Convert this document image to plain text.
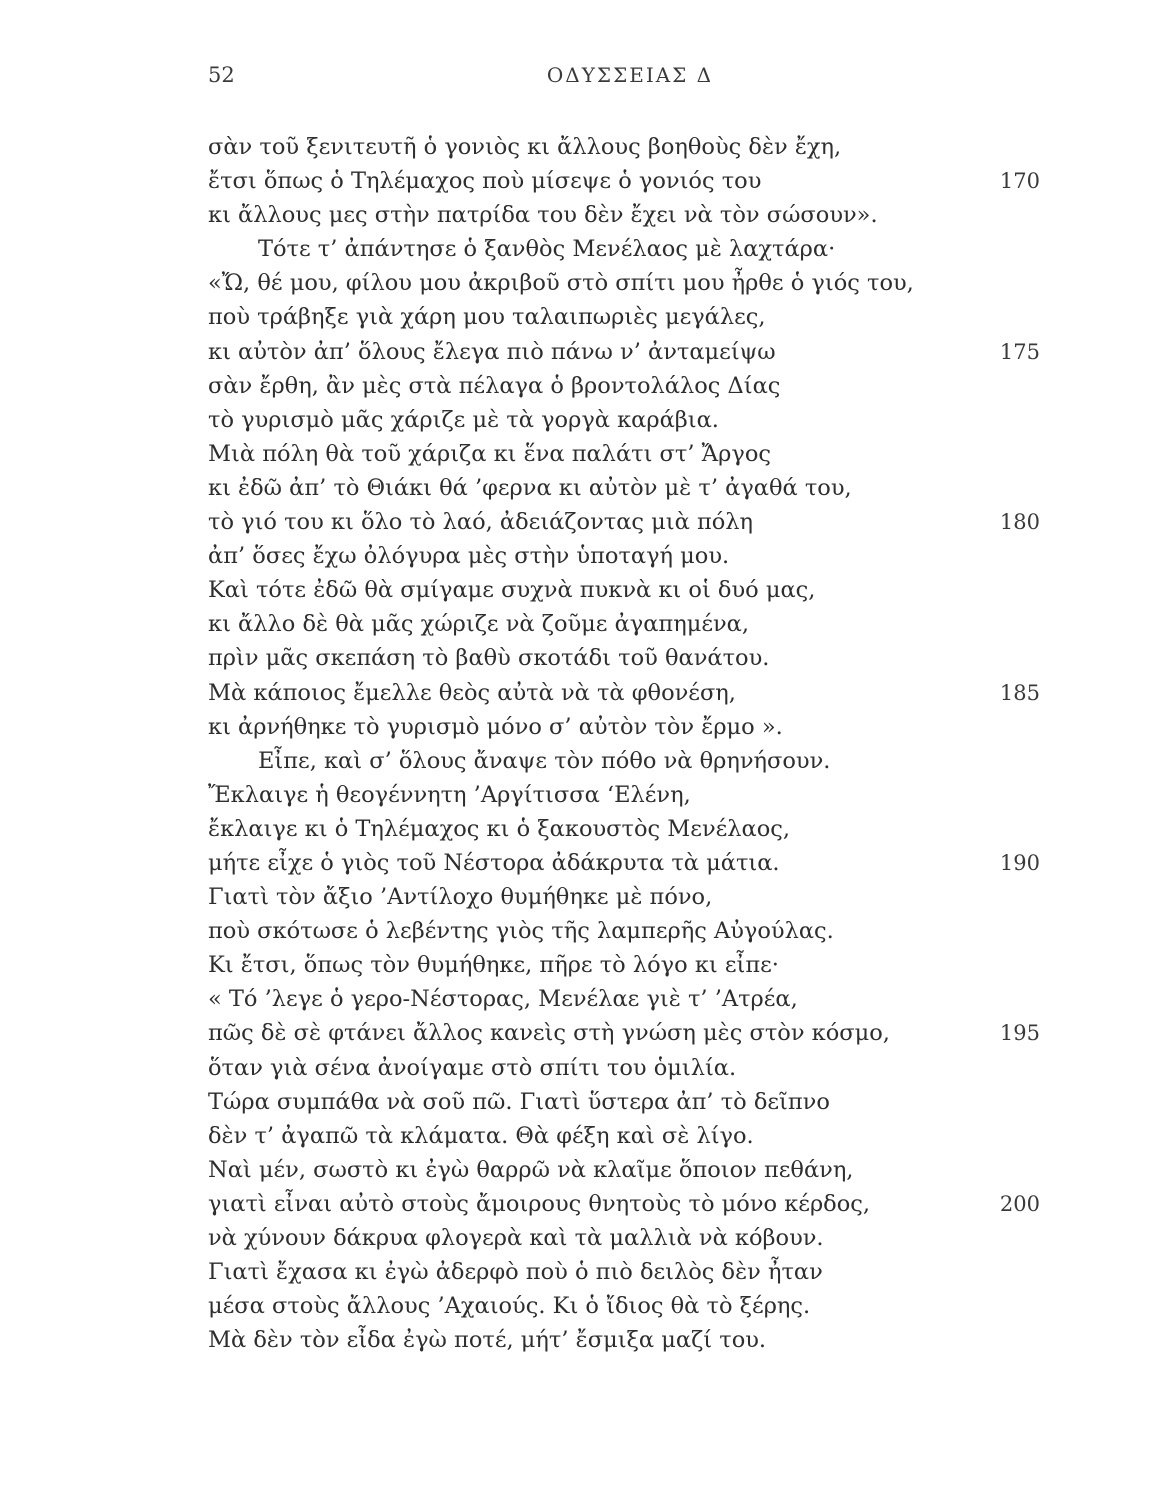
52	ΟΔΥΣΣΕΙΑΣ Δ
σὰν τοῦ ξενιτευτῆ ὁ γονιὸς κι ἄλλους βοηθοὺς δὲν ἔχη,
ἔτσι ὅπως ὁ Τηλέμαχος ποὺ μίσεψε ὁ γονιός του	170
κι ἄλλους μες στὴν πατρίδα του δὲν ἔχει νὰ τὸν σώσουν».
Τότε τ’ ἀπάντησε ὁ ξανθὸς Μενέλαος μὲ λαχτάρα·
«Ὤ, θέ μου, φίλου μου ἀκριβοῦ στὸ σπίτι μου ἦρθε ὁ γιός του,
ποὺ τράβηξε γιὰ χάρη μου ταλαιπωριὲς μεγάλες,
κι αὐτὸν ἀπ’ ὅλους ἔλεγα πιὸ πάνω ν’ ἀνταμείψω	175
σὰν ἔρθη, ἂν μὲς στὰ πέλαγα ὁ βροντολάλος Δίας
τὸ γυρισμὸ μᾶς χάριζε μὲ τὰ γοργὰ καράβια.
Μιὰ πόλη θὰ τοῦ χάριζα κι ἕνα παλάτι στ’ Ἄργος
κι ἐδῶ ἀπ’ τὸ Θιάκι θά ’φερνα κι αὐτὸν μὲ τ’ ἀγαθά του,
τὸ γιό του κι ὅλο τὸ λαό, ἀδειάζοντας μιὰ πόλη	180
ἀπ’ ὅσες ἔχω ὀλόγυρα μὲς στὴν ὑποταγή μου.
Καὶ τότε ἐδῶ θὰ σμίγαμε συχνὰ πυκνὰ κι οἱ δυό μας,
κι ἄλλο δὲ θὰ μᾶς χώριζε νὰ ζοῦμε ἀγαπημένα,
πρὶν μᾶς σκεπάση τὸ βαθὺ σκοτάδι τοῦ θανάτου.
Μὰ κάποιος ἔμελλε θεὸς αὐτὰ νὰ τὰ φθονέση,	185
κι ἀρνήθηκε τὸ γυρισμὸ μόνο σ’ αὐτὸν τὸν ἔρμο ».
Εἶπε, καὶ σ’ ὅλους ἄναψε τὸν πόθο νὰ θρηνήσουν.
Ἔκλαιγε ἡ θεογέννητη ’Αργίτισσα ‘Ελένη,
ἔκλαιγε κι ὁ Τηλέμαχος κι ὁ ξακουστὸς Μενέλαος,
μήτε εἶχε ὁ γιὸς τοῦ Νέστορα ἀδάκρυτα τὰ μάτια.	190
Γιατὶ τὸν ἄξιο ’Αντίλοχο θυμήθηκε μὲ πόνο,
ποὺ σκότωσε ὁ λεβέντης γιὸς τῆς λαμπερῆς Αὐγούλας.
Κι ἔτσι, ὅπως τὸν θυμήθηκε, πῆρε τὸ λόγο κι εἶπε·
« Τό ’λεγε ὁ γερο-Νέστορας, Μενέλαε γιὲ τ’ ’Ατρέα,
πῶς δὲ σὲ φτάνει ἄλλος κανεὶς στὴ γνώση μὲς στὸν κόσμο,	195
ὅταν γιὰ σένα ἀνοίγαμε στὸ σπίτι του ὁμιλία.
Τώρα συμπάθα νὰ σοῦ πῶ. Γιατὶ ὕστερα ἀπ’ τὸ δεῖπνο
δὲν τ’ ἀγαπῶ τὰ κλάματα. Θὰ φέξη καὶ σὲ λίγο.
Ναὶ μέν, σωστὸ κι ἐγὼ θαρρῶ νὰ κλαῖμε ὅποιον πεθάνη,
γιατὶ εἶναι αὐτὸ στοὺς ἄμοιρους θνητοὺς τὸ μόνο κέρδος,	200
νὰ χύνουν δάκρυα φλογερὰ καὶ τὰ μαλλιὰ νὰ κόβουν.
Γιατὶ ἔχασα κι ἐγὼ ἀδερφὸ ποὺ ὁ πιὸ δειλὸς δὲν ἦταν
μέσα στοὺς ἄλλους ’Αχαιούς. Κι ὁ ἴδιος θὰ τὸ ξέρης.
Μὰ δὲν τὸν εἶδα ἐγὼ ποτέ, μήτ’ ἔσμιξα μαζί του.
